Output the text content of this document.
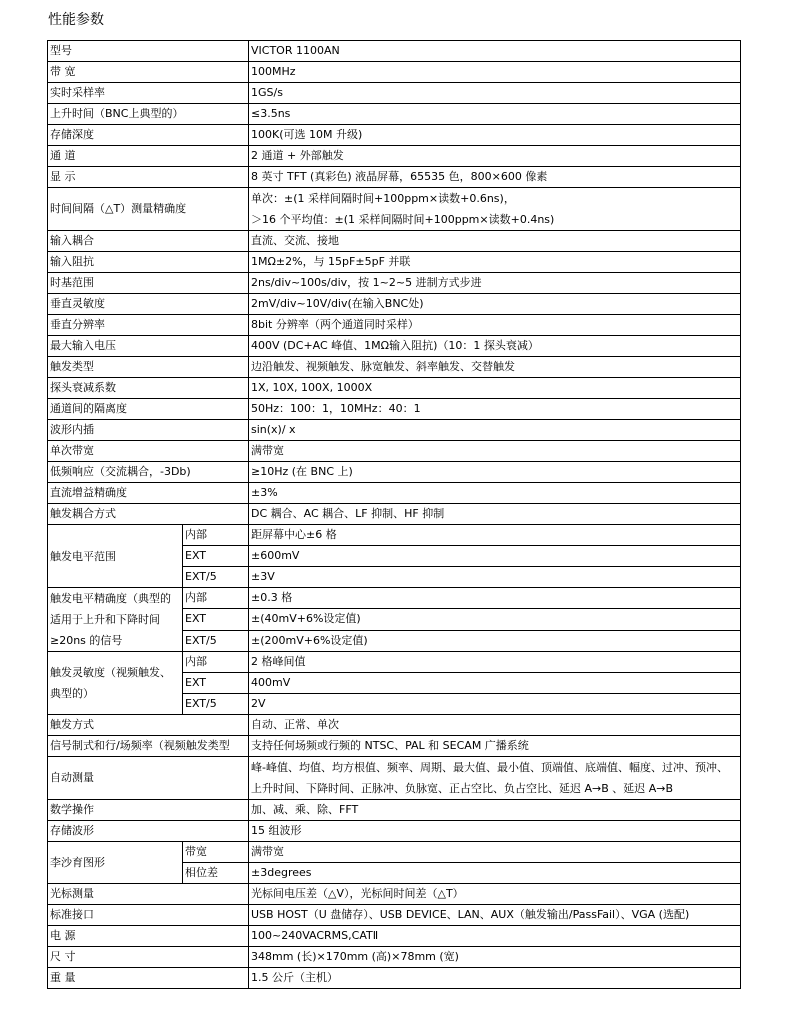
性能参数
型号		VICTOR 1100AN
带 宽		100MHz
实时采样率		1GS/s
上升时间（BNC上典型的）		≤3.5ns
存储深度		100K(可选 10M 升级)
通 道		2 通道 + 外部触发
显 示		8 英寸 TFT (真彩色) 液晶屏幕，65535 色，800×600 像素
时间间隔（△T）测量精确度		单次：±(1 采样间隔时间+100ppm×读数+0.6ns)，
＞16 个平均值：±(1 采样间隔时间+100ppm×读数+0.4ns)

输入耦合		直流、交流、接地
输入阻抗		1MΩ±2%，与 15pF±5pF 并联
时基范围		2ns/div~100s/div，按 1~2~5 进制方式步进
垂直灵敏度		2mV/div~10V/div(在输入BNC处)
垂直分辨率		8bit 分辨率（两个通道同时采样）
最大输入电压		400V (DC+AC 峰值、1MΩ输入阻抗)（10：1 探头衰减）
触发类型		边沿触发、视频触发、脉宽触发、斜率触发、交替触发
探头衰减系数		1X, 10X, 100X, 1000X
通道间的隔离度		50Hz：100：1，10MHz：40：1
波形内插		sin(x)/ x
单次带宽		满带宽
低频响应（交流耦合，-3Db)		≥10Hz (在 BNC 上)
直流增益精确度		±3%
触发耦合方式		DC 耦合、AC 耦合、LF 抑制、HF 抑制
触发电平范围	内部	距屏幕中心±6 格
	EXT	±600mV
	EXT/5	±3V
触发电平精确度（典型的适用于上升和下降时间≥20ns 的信号	内部	±0.3 格
	EXT	±(40mV+6%设定值)
	EXT/5	±(200mV+6%设定值)
触发灵敏度（视频触发、典型的）	内部	2 格峰间值
	EXT	400mV
	EXT/5	2V
触发方式		自动、正常、单次
信号制式和行/场频率（视频触发类型		支持任何场频或行频的 NTSC、PAL 和 SECAM 广播系统
自动测量		峰-峰值、均值、均方根值、频率、周期、最大值、最小值、顶端值、底端值、幅度、过冲、预冲、上升时间、下降时间、正脉冲、负脉宽、正占空比、负占空比、延迟 A→B 、延迟 A→B
数学操作		加、减、乘、除、FFT
存储波形		15 组波形
李沙育图形	带宽	满带宽
	相位差	±3degrees
光标测量		光标间电压差（△V），光标间时间差（△T）
标准接口		USB HOST（U 盘储存）、USB DEVICE、LAN、AUX（触发输出/PassFail）、VGA (选配)
电 源		100~240VACRMS,CATⅡ
尺 寸		348mm (长)×170mm (高)×78mm (宽)
重 量		1.5 公斤（主机）
